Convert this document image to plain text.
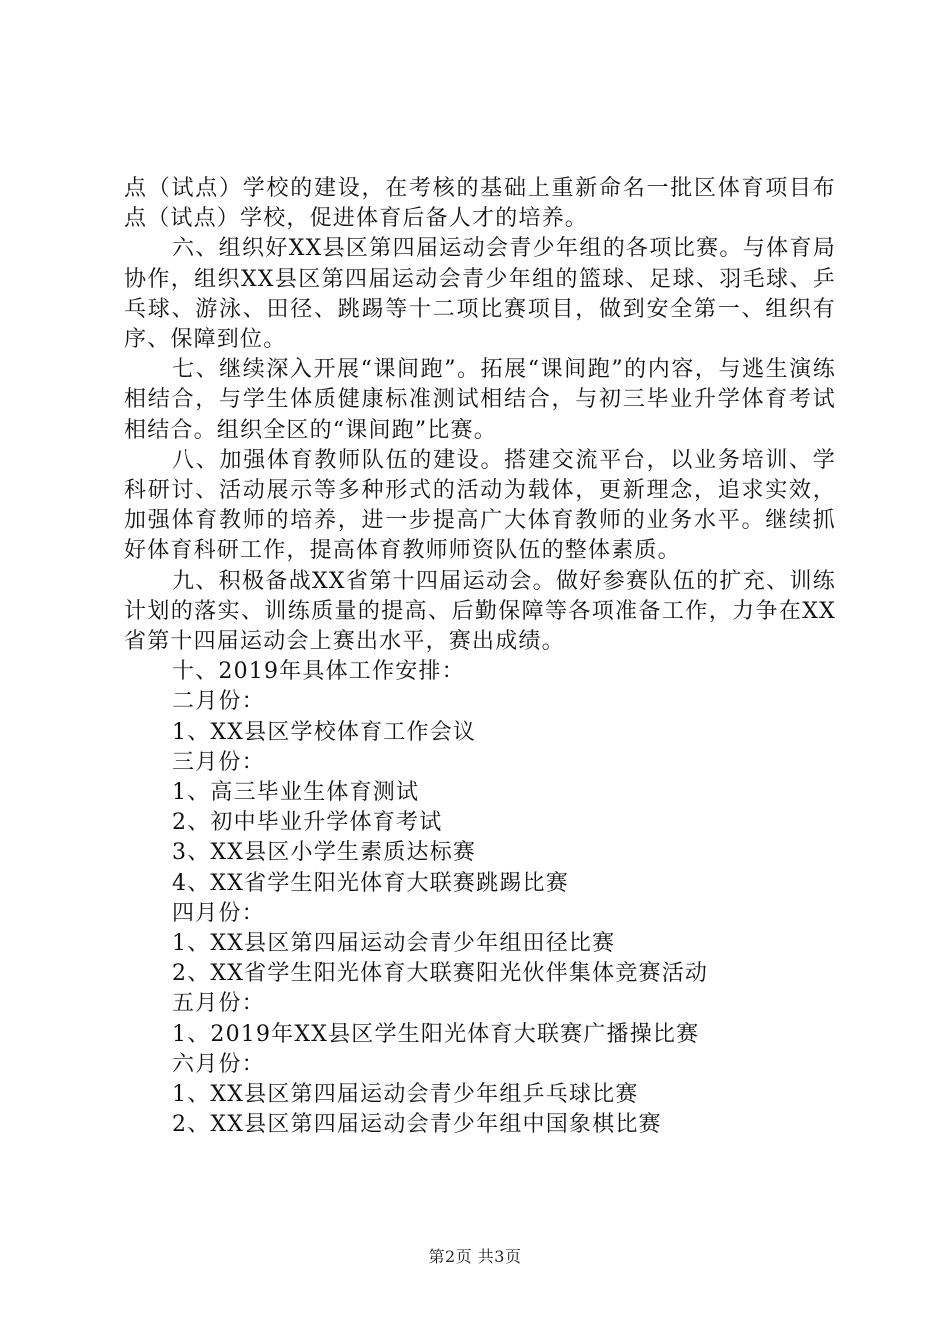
点（试点）学校的建设，在考核的基础上重新命名一批区体育项目布点（试点）学校，促进体育后备人才的培养。

六、组织好XX县区第四届运动会青少年组的各项比赛。与体育局协作，组织XX县区第四届运动会青少年组的篮球、足球、羽毛球、乒乓球、游泳、田径、跳踢等十二项比赛项目，做到安全第一、组织有序、保障到位。

七、继续深入开展“课间跑”。拓展“课间跑”的内容，与逃生演练相结合，与学生体质健康标准测试相结合，与初三毕业升学体育考试相结合。组织全区的“课间跑”比赛。

八、加强体育教师队伍的建设。搭建交流平台，以业务培训、学科研讨、活动展示等多种形式的活动为载体，更新理念，追求实效，加强体育教师的培养，进一步提高广大体育教师的业务水平。继续抓好体育科研工作，提高体育教师师资队伍的整体素质。

九、积极备战XX省第十四届运动会。做好参赛队伍的扩充、训练计划的落实、训练质量的提高、后勤保障等各项准备工作，力争在XX省第十四届运动会上赛出水平，赛出成绩。

十、2019年具体工作安排：

二月份：

1、XX县区学校体育工作会议

三月份：

1、高三毕业生体育测试

2、初中毕业升学体育考试

3、XX县区小学生素质达标赛

4、XX省学生阳光体育大联赛跳踢比赛

四月份：

1、XX县区第四届运动会青少年组田径比赛

2、XX省学生阳光体育大联赛阳光伙伴集体竞赛活动

五月份：

1、2019年XX县区学生阳光体育大联赛广播操比赛

六月份：

1、XX县区第四届运动会青少年组乒乓球比赛

2、XX县区第四届运动会青少年组中国象棋比赛

第2页 共3页
